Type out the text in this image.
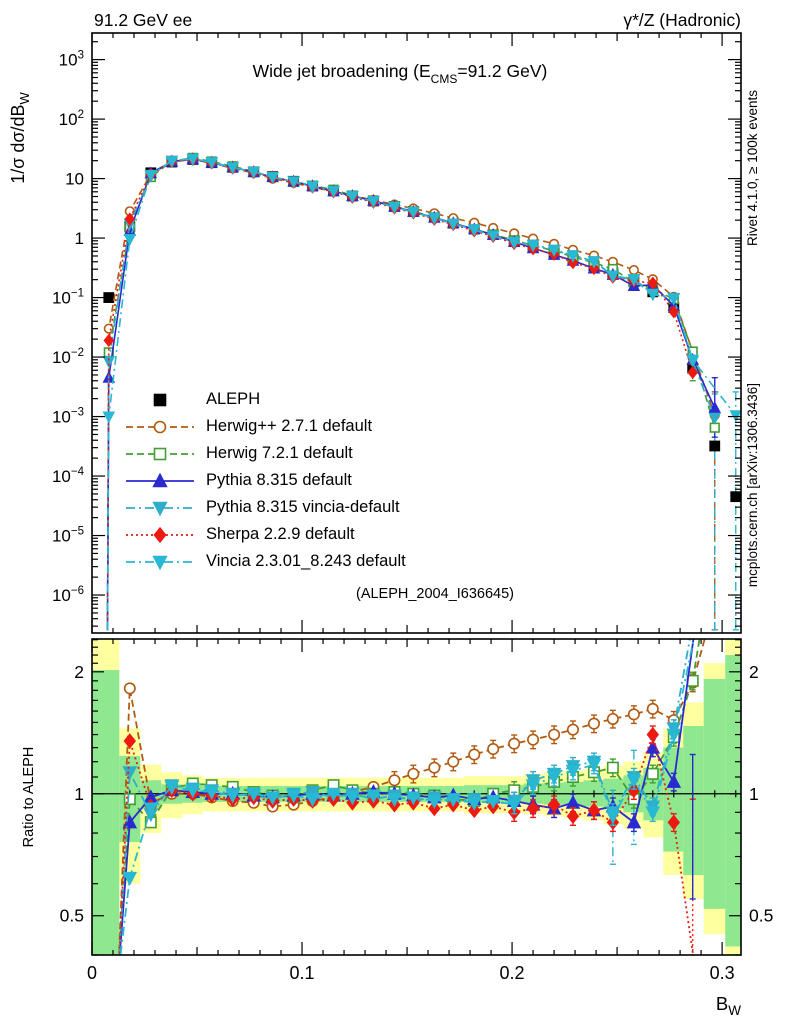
91.2 GeV ee	γ*/Z (Hadronic)
Wide jet broadening ($E_{CMS}=91.2$ GeV)
1/σ $d\sigma/dB_W$
Ratio to ALEPH
$B_W$
(ALEPH_2004_I636645)
Rivet 4.1.0, ≥ 100k events
mcplots.cern.ch [arXiv:1306.3436]
$10^3$
$10^2$
10
1
$10^{-1}$
$10^{-2}$
$10^{-3}$
$10^{-4}$
$10^{-5}$
$10^{-6}$
2	2
1	1
0.5	0.5
0	0.1	0.2	0.3
ALEPH
Herwig++ 2.7.1 default
Herwig 7.2.1 default
Pythia 8.315 default
Pythia 8.315 vincia-default
Sherpa 2.2.9 default
Vincia 2.3.01_8.243 default
